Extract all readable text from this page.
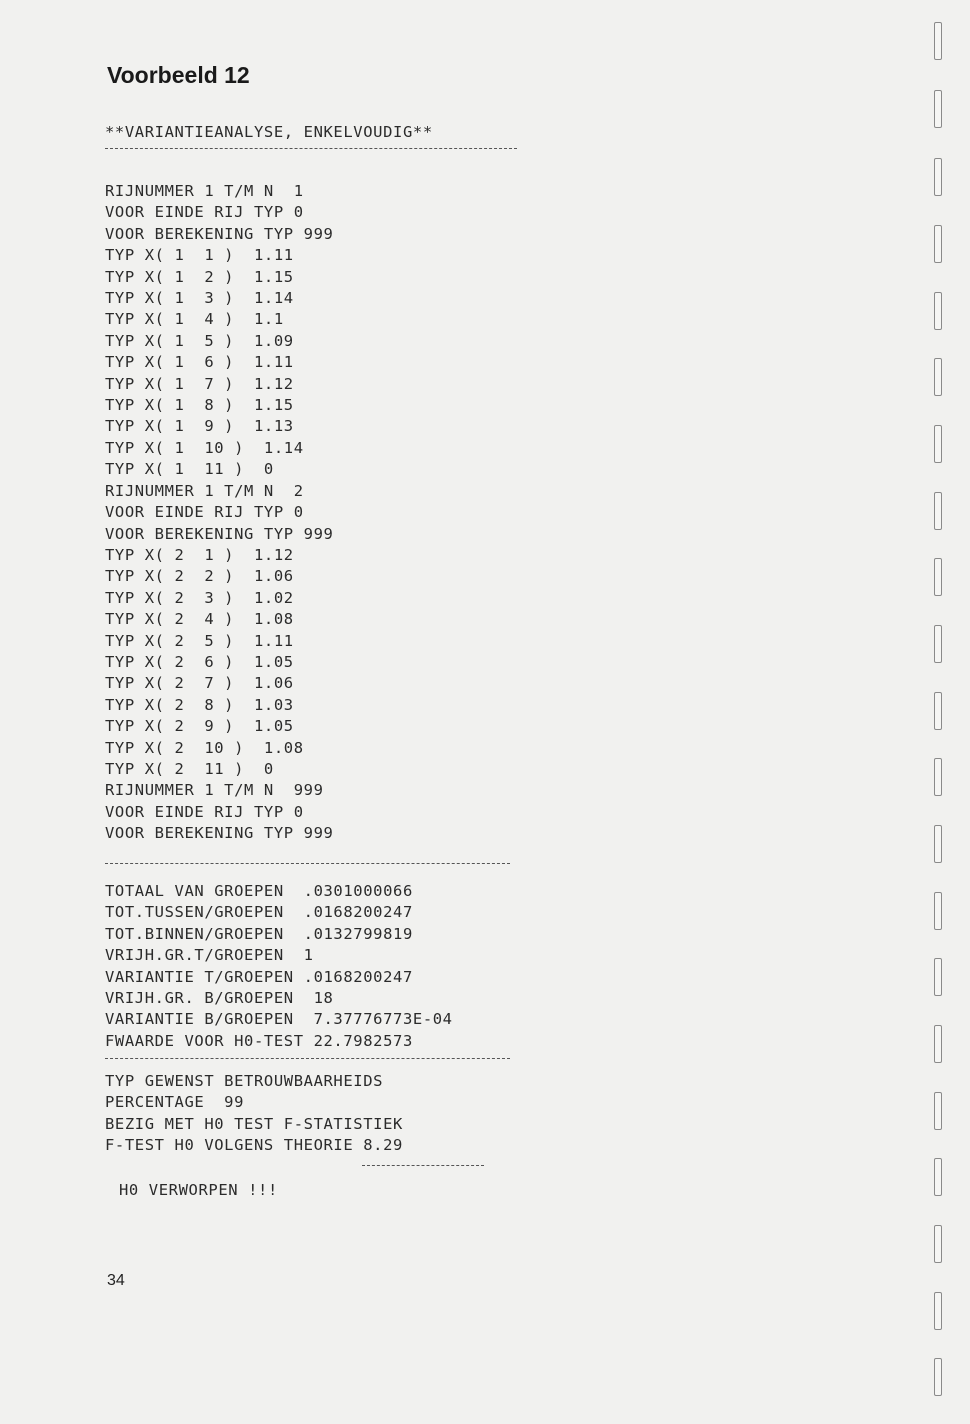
Voorbeeld 12
**VARIANTIEANALYSE, ENKELVOUDIG**
RIJNUMMER 1 T/M N  1
VOOR EINDE RIJ TYP 0
VOOR BEREKENING TYP 999
TYP X( 1  1 )  1.11
TYP X( 1  2 )  1.15
TYP X( 1  3 )  1.14
TYP X( 1  4 )  1.1
TYP X( 1  5 )  1.09
TYP X( 1  6 )  1.11
TYP X( 1  7 )  1.12
TYP X( 1  8 )  1.15
TYP X( 1  9 )  1.13
TYP X( 1  10 )  1.14
TYP X( 1  11 )  0
RIJNUMMER 1 T/M N  2
VOOR EINDE RIJ TYP 0
VOOR BEREKENING TYP 999
TYP X( 2  1 )  1.12
TYP X( 2  2 )  1.06
TYP X( 2  3 )  1.02
TYP X( 2  4 )  1.08
TYP X( 2  5 )  1.11
TYP X( 2  6 )  1.05
TYP X( 2  7 )  1.06
TYP X( 2  8 )  1.03
TYP X( 2  9 )  1.05
TYP X( 2  10 )  1.08
TYP X( 2  11 )  0
RIJNUMMER 1 T/M N  999
VOOR EINDE RIJ TYP 0
VOOR BEREKENING TYP 999
TOTAAL VAN GROEPEN  .0301000066
TOT.TUSSEN/GROEPEN  .0168200247
TOT.BINNEN/GROEPEN  .0132799819
VRIJH.GR.T/GROEPEN  1
VARIANTIE T/GROEPEN .0168200247
VRIJH.GR. B/GROEPEN  18
VARIANTIE B/GROEPEN  7.37776773E-04
FWAARDE VOOR H0-TEST 22.7982573
TYP GEWENST BETROUWBAARHEIDS
PERCENTAGE  99
BEZIG MET H0 TEST F-STATISTIEK
F-TEST H0 VOLGENS THEORIE 8.29
H0 VERWORPEN !!!
34
